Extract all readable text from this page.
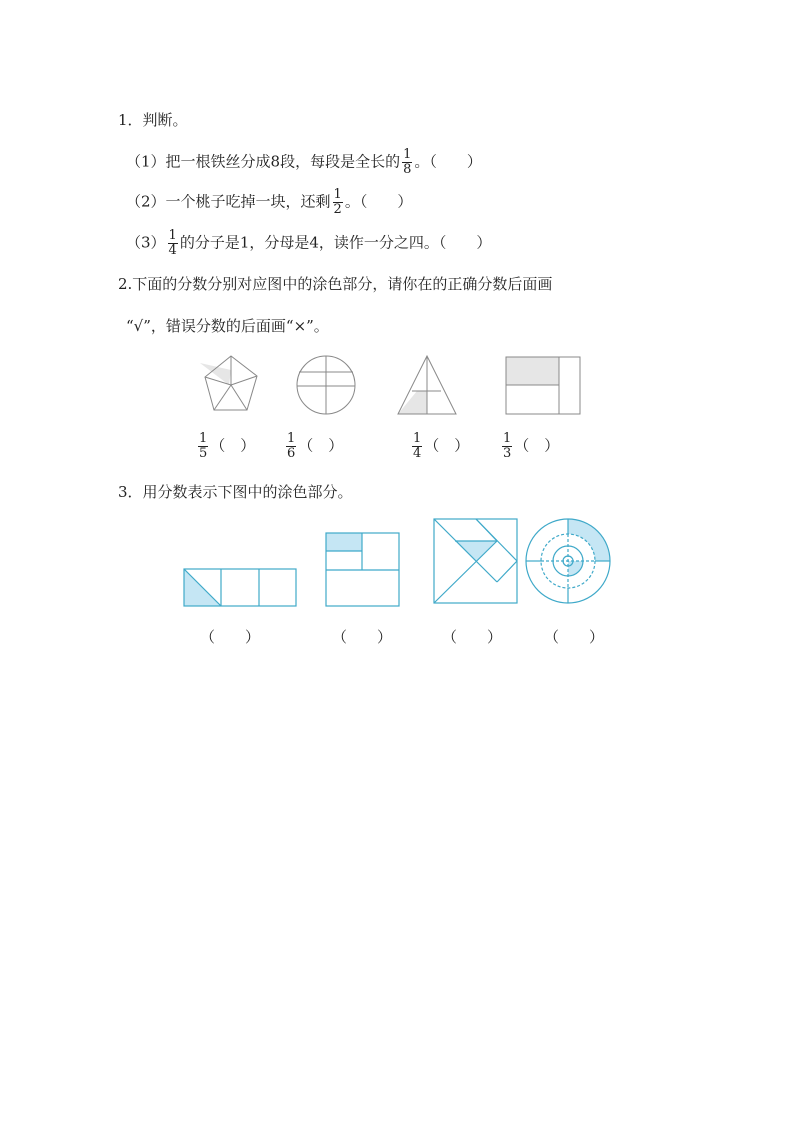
1．判断。
（1）把一根铁丝分成8段，每段是全长的 $\frac{1}{8}$ 。（　　）
（2）一个桃子吃掉一块，还剩 $\frac{1}{2}$ 。（　　）
$(3) \frac{1}{4}$ 的分子是1，分母是4，读作一分之四。（　　）
2.下面的分数分别对应图中的涂色部分，请你在的正确分数后面画
“√”，错误分数的后面画“×”。
$\frac{1}{5}$ （　） $\frac{1}{6}$ （　）	$\frac{1}{4}$ （　）	$\frac{1}{3}$ （　）
3．用分数表示下图中的涂色部分。
（　　）	（　　）	（　　）	（　　）
